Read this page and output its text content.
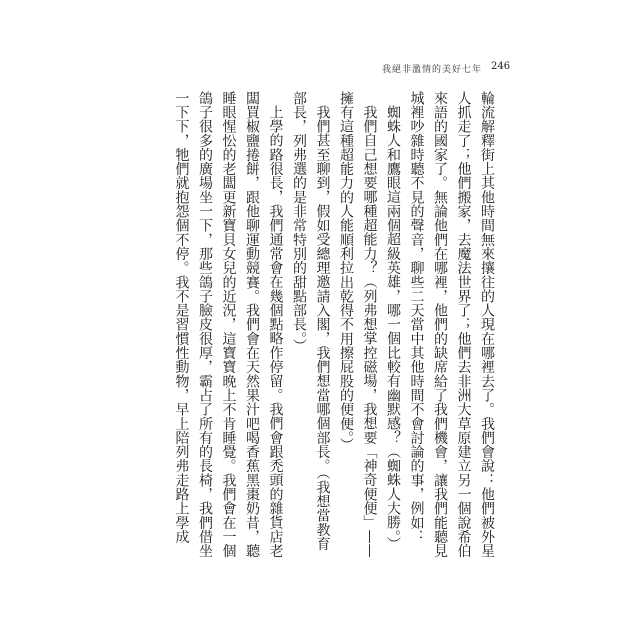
我絕非濫情的美好七年 246

輪流解釋街上其他時間無來攘往的人現在哪裡去了。我們會說：他們被外星人抓走了；他們搬家，去魔法世界了；他們去非洲大草原建立另一個說希伯來語的國家了。無論他們在哪裡，他們的缺席給了我們機會，讓我們能聽見城裡吵雜時聽不見的聲音，聊些二天當中其他時間不會討論的事，例如：

蜘蛛人和鷹眼這兩個超級英雄，哪一個比較有幽默感？（蜘蛛人大勝。）

我們自己想要哪種超能力？（列弗想掌控磁場，我想要「神奇便便」——擁有這種超能力的人能順利拉出乾得不用擦屁股的便便。）

我們甚至聊到，假如受總理邀請入閣，我們想當哪個部長。（我想當教育部長，列弗選的是非常特別的甜點部長。）

上學的路很長，我們通常會在幾個點略作停留。我們會跟禿頭的雜貨店老闆買椒鹽捲餅，跟他聊運動競賽。我們會在天然果汁吧喝香蕉黑棗奶昔，聽睡眼惺忪的老闆更新寶貝女兒的近況，這寶寶晚上不肯睡覺。我們會在一個鴿子很多的廣場坐一下，那些鴿子臉皮很厚，霸占了所有的長椅，我們借坐一下下，牠們就抱怨個不停。我不是習慣性動物，早上陪列弗走路上學成
